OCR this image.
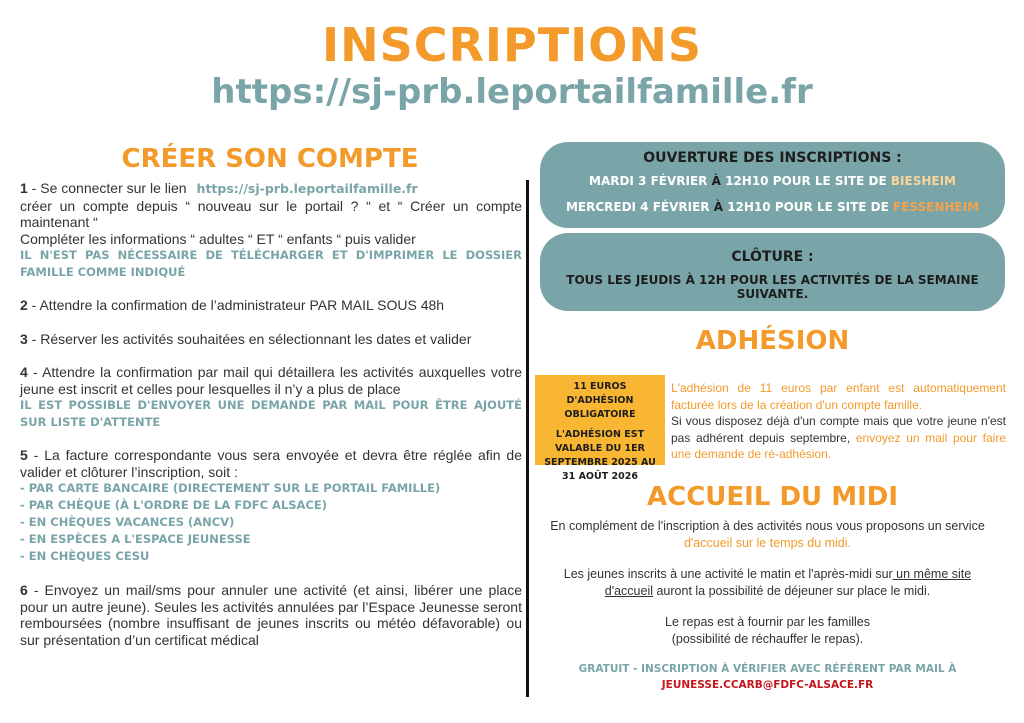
INSCRIPTIONS
https://sj-prb.leportailfamille.fr
CRÉER SON COMPTE
1 - Se connecter sur le lien https://sj-prb.leportailfamille.fr
créer un compte depuis “ nouveau sur le portail ? “ et “ Créer un compte maintenant “
Compléter les informations “ adultes “ ET “ enfants “ puis valider
IL N'EST PAS NÉCESSAIRE DE TÉLÉCHARGER ET D'IMPRIMER LE DOSSIER FAMILLE COMME INDIQUÉ
2 - Attendre la confirmation de l’administrateur PAR MAIL SOUS 48h
3 - Réserver les activités souhaitées en sélectionnant les dates et valider
4 - Attendre la confirmation par mail qui détaillera les activités auxquelles votre jeune est inscrit et celles pour lesquelles il n’y a plus de place
IL EST POSSIBLE D'ENVOYER UNE DEMANDE PAR MAIL POUR ÊTRE AJOUTÉ SUR LISTE D'ATTENTE
5 - La facture correspondante vous sera envoyée et devra être réglée afin de valider et clôturer l’inscription, soit :
- PAR CARTE BANCAIRE (DIRECTEMENT SUR LE PORTAIL FAMILLE)
- PAR CHÈQUE (À L'ORDRE DE LA FDFC ALSACE)
- EN CHÈQUES VACANCES (ANCV)
- EN ESPÈCES A L'ESPACE JEUNESSE
- EN CHÈQUES CESU
6 - Envoyez un mail/sms pour annuler une activité (et ainsi, libérer une place pour un autre jeune). Seules les activités annulées par l’Espace Jeunesse seront remboursées (nombre insuffisant de jeunes inscrits ou météo défavorable) ou sur présentation d’un certificat médical
OUVERTURE DES INSCRIPTIONS :
MARDI 3 FÉVRIER À 12H10 POUR LE SITE DE BIESHEIM
MERCREDI 4 FÉVRIER À 12H10 POUR LE SITE DE FESSENHEIM
CLÔTURE :
TOUS LES JEUDIS À 12H POUR LES ACTIVITÉS DE LA SEMAINE SUIVANTE.
ADHÉSION
11 EUROS D'ADHÉSION OBLIGATOIRE
L'ADHÉSION EST VALABLE DU 1ER SEPTEMBRE 2025 AU 31 AOÛT 2026
L'adhésion de 11 euros par enfant est automatiquement facturée lors de la création d'un compte famille.
Si vous disposez déjà d'un compte mais que votre jeune n'est pas adhérent depuis septembre, envoyez un mail pour faire une demande de ré-adhésion.
ACCUEIL DU MIDI

En complément de l'inscription à des activités nous vous proposons un service d'accueil sur le temps du midi.

Les jeunes inscrits à une activité le matin et l'après-midi sur un même site d'accueil auront la possibilité de déjeuner sur place le midi.

Le repas est à fournir par les familles
(possibilité de réchauffer le repas).

GRATUIT - INSCRIPTION À VÉRIFIER AVEC RÉFÉRENT PAR MAIL À
JEUNESSE.CCARB@FDFC-ALSACE.FR
